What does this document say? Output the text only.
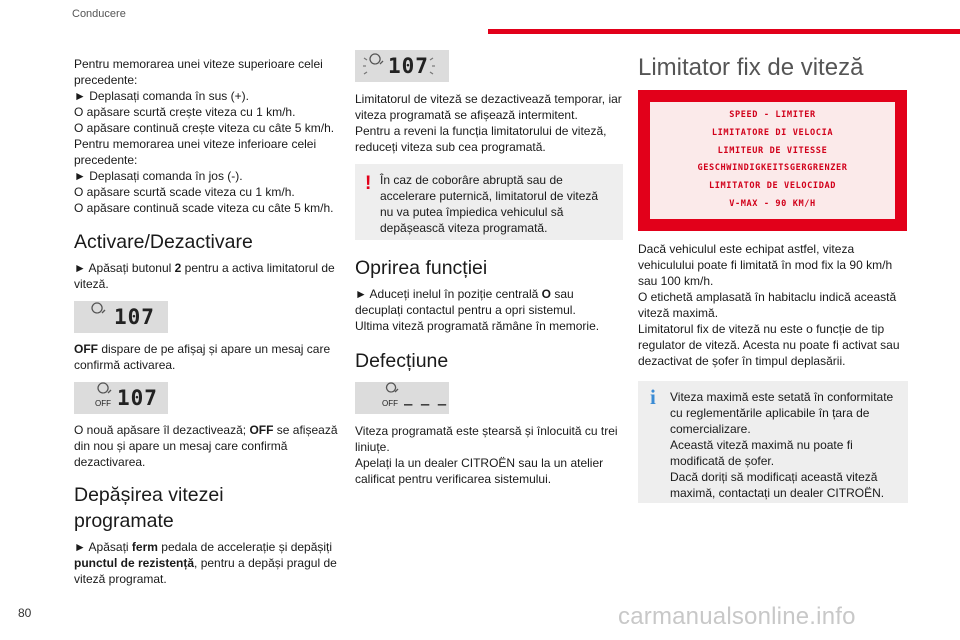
Conducere

Pentru memorarea unei viteze superioare celei precedente:

► Deplasați comanda în sus (+).

O apăsare scurtă crește viteza cu 1 km/h.

O apăsare continuă crește viteza cu câte 5 km/h.

Pentru memorarea unei viteze inferioare celei precedente:

► Deplasați comanda în jos (-).

O apăsare scurtă scade viteza cu 1 km/h.

O apăsare continuă scade viteza cu câte 5 km/h.

Activare/Dezactivare

► Apăsați butonul 2 pentru a activa limitatorul de viteză.

107

OFF dispare de pe afișaj și apare un mesaj care confirmă activarea.

OFF 107

O nouă apăsare îl dezactivează; OFF se afișează din nou și apare un mesaj care confirmă dezactivarea.

Depășirea vitezei
programate

► Apăsați ferm pedala de accelerație și depășiți punctul de rezistență, pentru a depăși pragul de viteză programat.

107

Limitatorul de viteză se dezactivează temporar, iar viteza programată se afișează intermitent.

Pentru a reveni la funcția limitatorului de viteză, reduceți viteza sub cea programată.

! În caz de coborâre abruptă sau de accelerare puternică, limitatorul de viteză nu va putea împiedica vehiculul să depășească viteza programată.

Oprirea funcției

► Aduceți inelul în poziție centrală O sau decuplați contactul pentru a opri sistemul.

Ultima viteză programată rămâne în memorie.

Defecțiune
OFF _ _ _

Viteza programată este ștearsă și înlocuită cu trei liniuțe.

Apelați la un dealer CITROËN sau la un atelier calificat pentru verificarea sistemului.

Limitator fix de viteză
SPEED - LIMITER
LIMITATORE DI VELOCIA
LIMITEUR DE VITESSE
GESCHWINDIGKEITSGERGRENZER
LIMITATOR DE VELOCIDAD
V-MAX - 90 KM/H

Dacă vehiculul este echipat astfel, viteza vehiculului poate fi limitată în mod fix la 90 km/h sau 100 km/h.

O etichetă amplasată în habitaclu indică această viteză maximă.

Limitatorul fix de viteză nu este o funcție de tip regulator de viteză. Acesta nu poate fi activat sau dezactivat de șofer în timpul deplasării.

i Viteza maximă este setată în conformitate cu reglementările aplicabile în țara de comercializare.

Această viteză maximă nu poate fi modificată de șofer.

Dacă doriți să modificați această viteză maximă, contactați un dealer CITROËN.

80	carmanualsonline.info
